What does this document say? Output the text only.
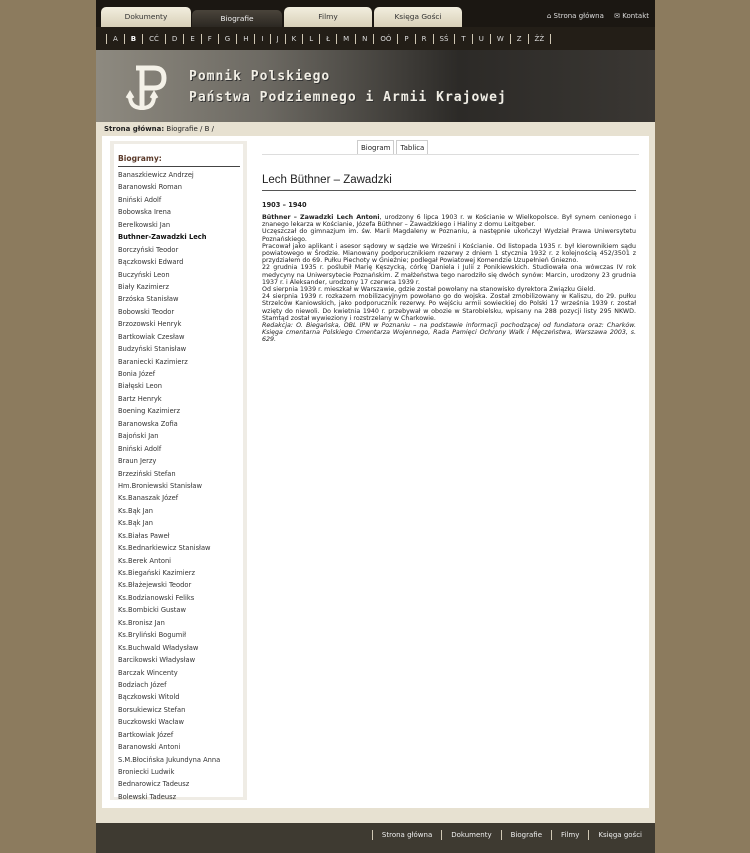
Dokumenty	Biografie	Filmy	Księga Gości	⌂ Strona główna ✉ Kontakt
A B CĆ D E F G H I J K L Ł M N OÓ P R SŚ T U W Z ŹŻ
Pomnik Polskiego
Państwa Podziemnego i Armii Krajowej
Strona główna: Biografie / B /
Biogramy:
Banaszkiewicz Andrzej
Baranowski Roman
Bniński Adolf
Bobowska Irena
Berelkowski Jan
Buthner-Zawadzki Lech
Borczyński Teodor
Bączkowski Edward
Buczyński Leon
Biały Kazimierz
Brzóska Stanisław
Bobowski Teodor
Brzozowski Henryk
Bartkowiak Czesław
Budzyński Stanisław
Baraniecki Kazimierz
Bonia Józef
Białęski Leon
Bartz Henryk
Boening Kazimierz
Baranowska Zofia
Bajoński Jan
Bniński Adolf
Braun Jerzy
Brzeziński Stefan
Hm.Broniewski Stanisław
Ks.Banaszak Józef
Ks.Bąk Jan
Ks.Bąk Jan
Ks.Białas Paweł
Ks.Bednarkiewicz Stanisław
Ks.Berek Antoni
Ks.Biegański Kazimierz
Ks.Błażejewski Teodor
Ks.Bodzianowski Feliks
Ks.Bombicki Gustaw
Ks.Bronisz Jan
Ks.Bryliński Bogumił
Ks.Buchwald Władysław
Barcikowski Władysław
Barczak Wincenty
Bodziach Józef
Bączkowski Witold
Borsukiewicz Stefan
Buczkowski Wacław
Bartkowiak Józef
Baranowski Antoni
S.M.Błocińska Jukundyna Anna
Broniecki Ludwik
Bednarowicz Tadeusz
Bolewski Tadeusz
Biogram Tablica
Lech Büthner – Zawadzki
1903 – 1940

Büthner – Zawadzki Lech Antoni, urodzony 6 lipca 1903 r. w Kościanie w Wielkopolsce. Był synem cenionego i znanego lekarza w Kościanie, Józefa Büthner – Zawadzkiego i Haliny z domu Leitgeber.

Uczęszczał do gimnazjum im. św. Marii Magdaleny w Poznaniu, a następnie ukończył Wydział Prawa Uniwersytetu Poznańskiego.

Pracował jako aplikant i asesor sądowy w sądzie we Wrześni i Kościanie. Od listopada 1935 r. był kierownikiem sądu powiatowego w Środzie. Mianowany podporucznikiem rezerwy z dniem 1 stycznia 1932 r. z kolejnością 452/3501 z przydziałem do 69. Pułku Piechoty w Gnieźnie; podlegał Powiatowej Komendzie Uzupełnień Gniezno.

22 grudnia 1935 r. poślubił Marię Kęszycką, córkę Daniela i Julii z Ponikiewskich. Studiowała ona wówczas IV rok medycyny na Uniwersytecie Poznańskim. Z małżeństwa tego narodziło się dwóch synów: Marcin, urodzony 23 grudnia 1937 r. i Aleksander, urodzony 17 czerwca 1939 r.

Od sierpnia 1939 r. mieszkał w Warszawie, gdzie został powołany na stanowisko dyrektora Związku Gield.

24 sierpnia 1939 r. rozkazem mobilizacyjnym powołano go do wojska. Został zmobilizowany w Kaliszu, do 29. pułku Strzelców Kaniowskich, jako podporucznik rezerwy. Po wejściu armii sowieckiej do Polski 17 września 1939 r. został wzięty do niewoli. Do kwietnia 1940 r. przebywał w obozie w Starobielsku, wpisany na 288 pozycji listy 295 NKWD. Stamtąd został wywieziony i rozstrzelany w Charkowie.

Redakcja: O. Biegańska, OBL IPN w Poznaniu – na podstawie informacji pochodzącej od fundatora oraz: Charków. Księga cmentarna Polskiego Cmentarza Wojennego, Rada Pamięci Ochrony Walk i Męczeństwa, Warszawa 2003, s. 629.

Strona główna	Dokumenty	Biografie	Filmy	Księga gości
